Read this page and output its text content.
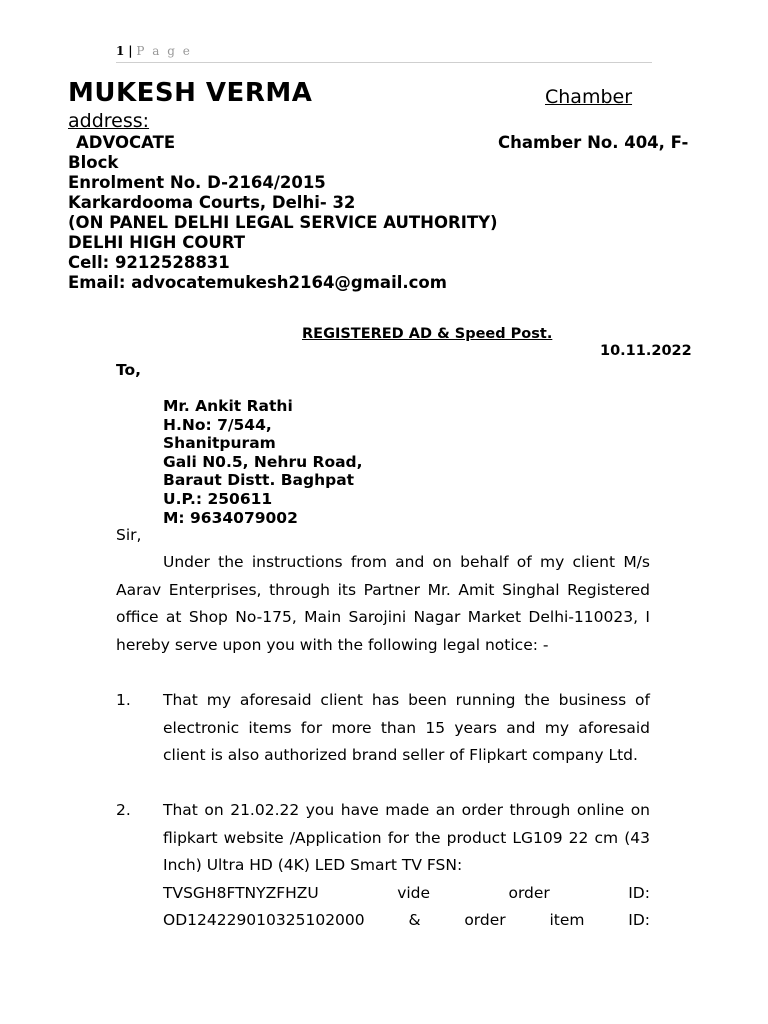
1 | P a g e
MUKESH VERMA	Chamber
address:
ADVOCATE	Chamber No. 404, F-
Block
Enrolment No. D-2164/2015
Karkardooma Courts, Delhi- 32
(ON PANEL DELHI LEGAL SERVICE AUTHORITY)
DELHI HIGH COURT
Cell: 9212528831
Email: advocatemukesh2164@gmail.com
REGISTERED AD & Speed Post.
10.11.2022
To,
Mr. Ankit Rathi
H.No: 7/544,
Shanitpuram
Gali N0.5, Nehru Road,
Baraut Distt. Baghpat
U.P.: 250611
M: 9634079002
Sir,
Under the instructions from and on behalf of my client M/s Aarav Enterprises, through its Partner Mr. Amit Singhal Registered office at Shop No-175, Main Sarojini Nagar Market Delhi-110023, I hereby serve upon you with the following legal notice: -
1. That my aforesaid client has been running the business of electronic items for more than 15 years and my aforesaid client is also authorized brand seller of Flipkart company Ltd.
2. That on 21.02.22 you have made an order through online on flipkart website /Application for the product LG109 22 cm (43 Inch) Ultra HD (4K) LED Smart TV FSN:
TVSGH8FTNYZFHZU	vide	order	ID:
OD124229010325102000	&	order	item	ID:
